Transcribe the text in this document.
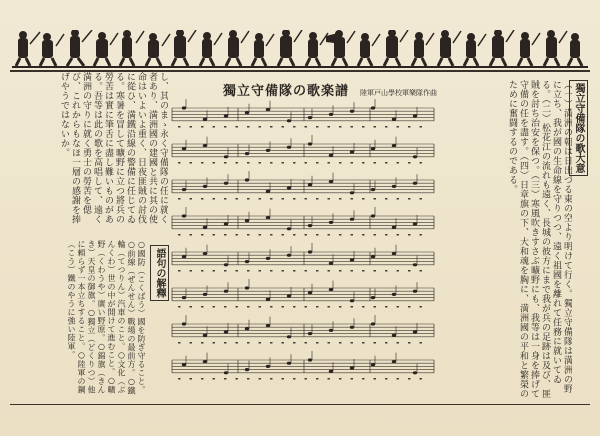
獨立守備隊の歌大意
（一）満洲の朝は日出づる東の空より明けて行く。獨立守備隊は満洲の野に立ち、我が國の生命線を守りつつ、遠く祖國を離れて任務に就いてゐる。（二）松花江の流れも遠く、長城の彼方にまで我が兵の足跡は及び、匪賊を討ち治安を保つ。（三）寒風吹きすさぶ曠野にも、我等は一身を捧げて守備の任を盡す。（四）日章旗の下、大和魂を胸に、満洲國の平和と繁榮のために奮闘するのである。
獨立守備隊の歌楽譜 陸軍戸山學校軍樂隊作曲
し、其のまゝ永く守備隊の任に就く者あり、満洲國の建國と共に其の使命はいよいよ重く、日夜匪賊の討伐に從ひ、満鐵沿線の警備に任じてゐる。寒暑を冒して曠野に立つ將兵の勞苦は實に筆舌に盡し難いものがある。吾等は此の歌を高唱して、遠く満洲の守りに就く勇士の勞苦を偲び、これからもなほ一層の感謝を捧げやうではないか。
語句の解釋
○國防（こくばう）國を防ぎ守ること。○前線（ぜんせん）戰場の最前方。○鐵輪（てつりん）汽車のこと。○文化（ぶんくわ）世の中が開けて進むこと。○曠野（くわうや）廣い野原。○錦旗（きんき）天皇の御旗。○獨立（どくりつ）他に頼らず一本立ちすること。○陸軍の鋼（こう）鐵のやうに強い陸軍。
